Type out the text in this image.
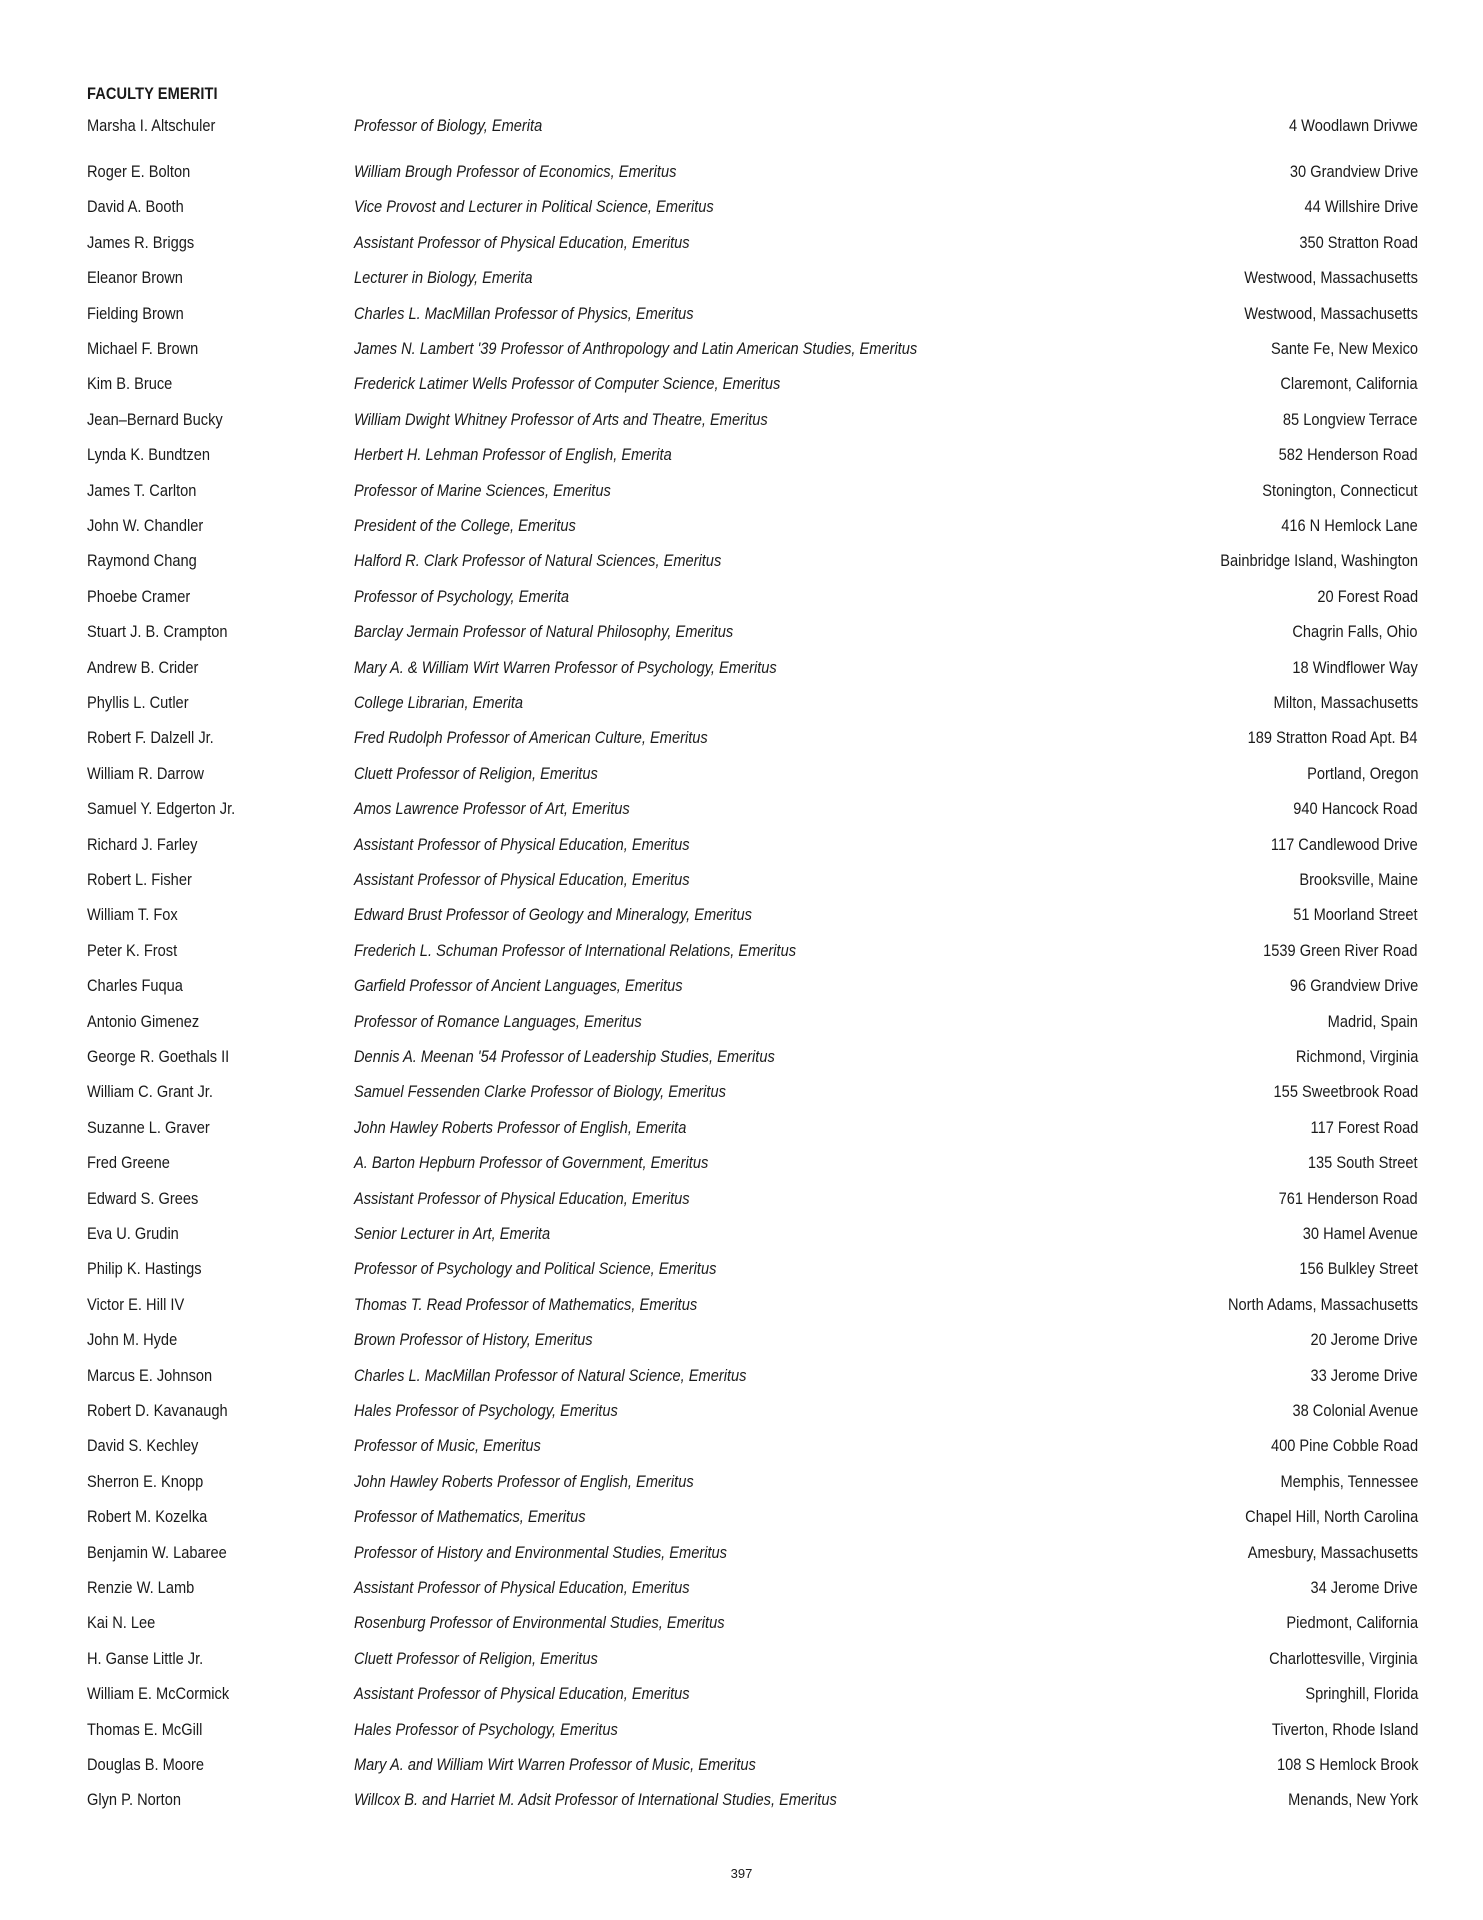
FACULTY EMERITI
Marsha I. Altschuler	Professor of Biology, Emerita	4 Woodlawn Drivwe
Roger E. Bolton	William Brough Professor of Economics, Emeritus	30 Grandview Drive
David A. Booth	Vice Provost and Lecturer in Political Science, Emeritus	44 Willshire Drive
James R. Briggs	Assistant Professor of Physical Education, Emeritus	350 Stratton Road
Eleanor Brown	Lecturer in Biology, Emerita	Westwood, Massachusetts
Fielding Brown	Charles L. MacMillan Professor of Physics, Emeritus	Westwood, Massachusetts
Michael F. Brown	James N. Lambert '39 Professor of Anthropology and Latin American Studies, Emeritus	Sante Fe, New Mexico
Kim B. Bruce	Frederick Latimer Wells Professor of Computer Science, Emeritus	Claremont, California
Jean–Bernard Bucky	William Dwight Whitney Professor of Arts and Theatre, Emeritus	85 Longview Terrace
Lynda K. Bundtzen	Herbert H. Lehman Professor of English, Emerita	582 Henderson Road
James T. Carlton	Professor of Marine Sciences, Emeritus	Stonington, Connecticut
John W. Chandler	President of the College, Emeritus	416 N Hemlock Lane
Raymond Chang	Halford R. Clark Professor of Natural Sciences, Emeritus	Bainbridge Island, Washington
Phoebe Cramer	Professor of Psychology, Emerita	20 Forest Road
Stuart J. B. Crampton	Barclay Jermain Professor of Natural Philosophy, Emeritus	Chagrin Falls, Ohio
Andrew B. Crider	Mary A. & William Wirt Warren Professor of Psychology, Emeritus	18 Windflower Way
Phyllis L. Cutler	College Librarian, Emerita	Milton, Massachusetts
Robert F. Dalzell Jr.	Fred Rudolph Professor of American Culture, Emeritus	189 Stratton Road Apt. B4
William R. Darrow	Cluett Professor of Religion, Emeritus	Portland, Oregon
Samuel Y. Edgerton Jr.	Amos Lawrence Professor of Art, Emeritus	940 Hancock Road
Richard J. Farley	Assistant Professor of Physical Education, Emeritus	117 Candlewood Drive
Robert L. Fisher	Assistant Professor of Physical Education, Emeritus	Brooksville, Maine
William T. Fox	Edward Brust Professor of Geology and Mineralogy, Emeritus	51 Moorland Street
Peter K. Frost	Frederich L. Schuman Professor of International Relations, Emeritus	1539 Green River Road
Charles Fuqua	Garfield Professor of Ancient Languages, Emeritus	96 Grandview Drive
Antonio Gimenez	Professor of Romance Languages, Emeritus	Madrid, Spain
George R. Goethals II	Dennis A. Meenan '54 Professor of Leadership Studies, Emeritus	Richmond, Virginia
William C. Grant Jr.	Samuel Fessenden Clarke Professor of Biology, Emeritus	155 Sweetbrook Road
Suzanne L. Graver	John Hawley Roberts Professor of English, Emerita	117 Forest Road
Fred Greene	A. Barton Hepburn Professor of Government, Emeritus	135 South Street
Edward S. Grees	Assistant Professor of Physical Education, Emeritus	761 Henderson Road
Eva U. Grudin	Senior Lecturer in Art, Emerita	30 Hamel Avenue
Philip K. Hastings	Professor of Psychology and Political Science, Emeritus	156 Bulkley Street
Victor E. Hill IV	Thomas T. Read Professor of Mathematics, Emeritus	North Adams, Massachusetts
John M. Hyde	Brown Professor of History, Emeritus	20 Jerome Drive
Marcus E. Johnson	Charles L. MacMillan Professor of Natural Science, Emeritus	33 Jerome Drive
Robert D. Kavanaugh	Hales Professor of Psychology, Emeritus	38 Colonial Avenue
David S. Kechley	Professor of Music, Emeritus	400 Pine Cobble Road
Sherron E. Knopp	John Hawley Roberts Professor of English, Emeritus	Memphis, Tennessee
Robert M. Kozelka	Professor of Mathematics, Emeritus	Chapel Hill, North Carolina
Benjamin W. Labaree	Professor of History and Environmental Studies, Emeritus	Amesbury, Massachusetts
Renzie W. Lamb	Assistant Professor of Physical Education, Emeritus	34 Jerome Drive
Kai N. Lee	Rosenburg Professor of Environmental Studies, Emeritus	Piedmont, California
H. Ganse Little Jr.	Cluett Professor of Religion, Emeritus	Charlottesville, Virginia
William E. McCormick	Assistant Professor of Physical Education, Emeritus	Springhill, Florida
Thomas E. McGill	Hales Professor of Psychology, Emeritus	Tiverton, Rhode Island
Douglas B. Moore	Mary A. and William Wirt Warren Professor of Music, Emeritus	108 S Hemlock Brook
Glyn P. Norton	Willcox B. and Harriet M. Adsit Professor of International Studies, Emeritus	Menands, New York
397
